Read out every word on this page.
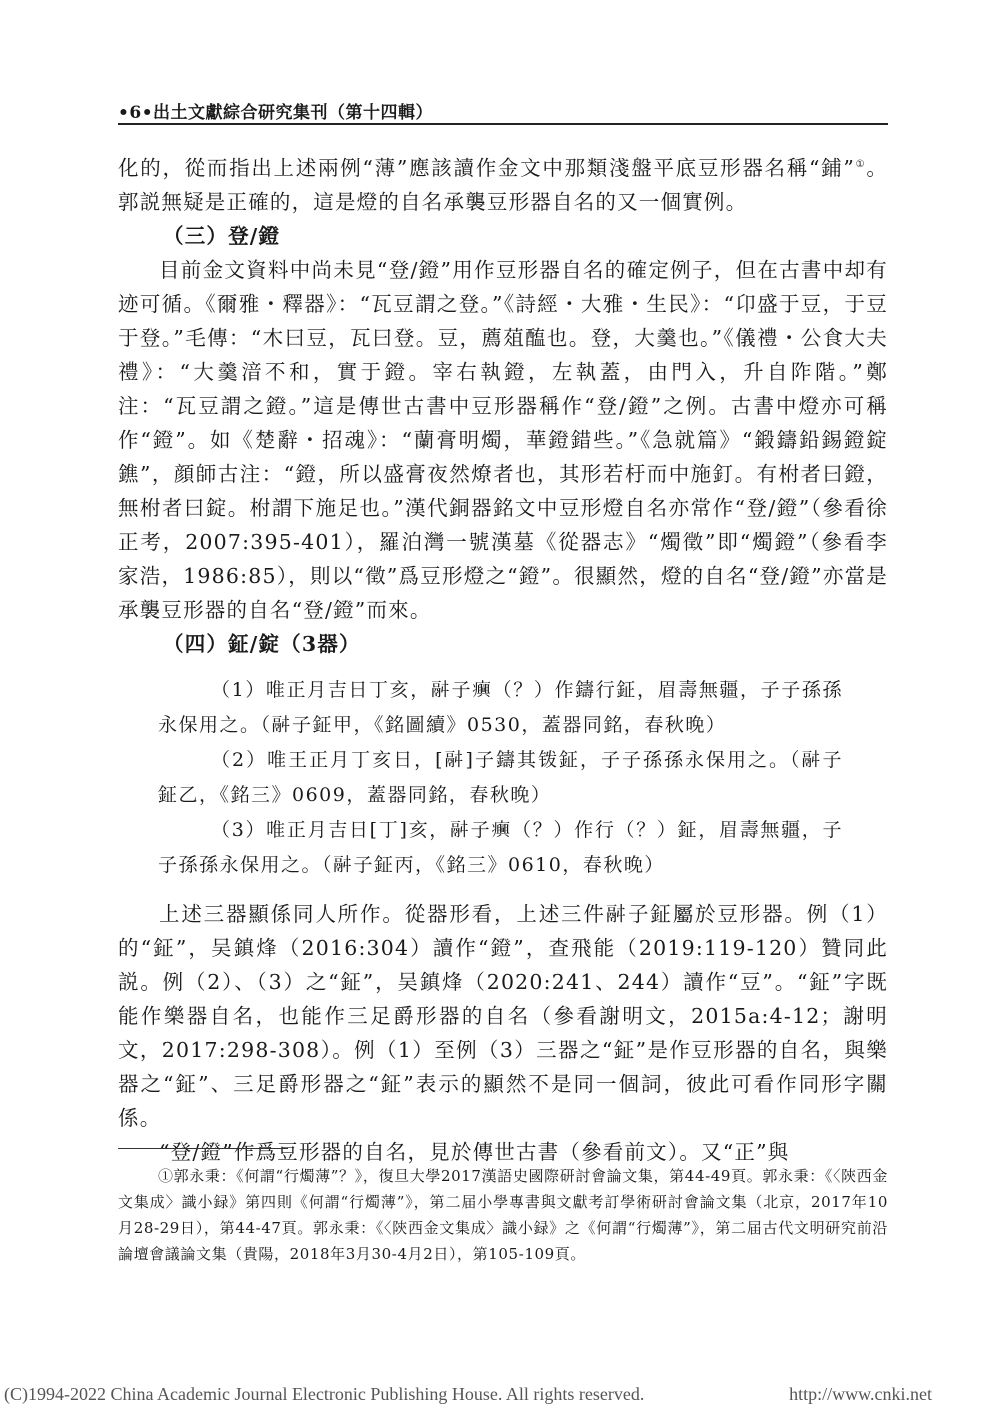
•6•出土文獻綜合研究集刊（第十四輯）

化的，從而指出上述兩例“薄”應該讀作金文中那類淺盤平底豆形器名稱“鋪”①。郭説無疑是正確的，這是燈的自名承襲豆形器自名的又一個實例。

（三）登/鐙

目前金文資料中尚未見“登/鐙”用作豆形器自名的確定例子，但在古書中却有迹可循。《爾雅・釋器》：“瓦豆謂之登。”《詩經・大雅・生民》：“卬盛于豆，于豆于登。”毛傳：“木曰豆，瓦曰登。豆，薦葅醢也。登，大羹也。”《儀禮・公食大夫禮》：“大羹湆不和，實于鐙。宰右執鐙，左執蓋，由門入，升自阼階。”鄭注：“瓦豆謂之鐙。”這是傳世古書中豆形器稱作“登/鐙”之例。古書中燈亦可稱作“鐙”。如《楚辭・招魂》：“蘭膏明燭，華鐙錯些。”《急就篇》“鍛鑄鉛錫鐙錠鐎”，顔師古注：“鐙，所以盛膏夜然燎者也，其形若杅而中施釘。有柎者曰鐙，無柎者曰錠。柎謂下施足也。”漢代銅器銘文中豆形燈自名亦常作“登/鐙”（參看徐正考，2007:395-401），羅泊灣一號漢墓《從器志》“燭徵”即“燭鐙”（參看李家浩，1986:85），則以“徵”爲豆形燈之“鐙”。很顯然，燈的自名“登/鐙”亦當是承襲豆形器的自名“登/鐙”而來。

（四）鉦/錠（3器）

（1）唯正月吉日丁亥，𩰫子𤼈（？）作鑄行鉦，眉壽無疆，子子孫孫永保用之。（𩰫子鉦甲，《銘圖續》0530，蓋器同銘，春秋晚）

（2）唯王正月丁亥日，[𩰫]子鑄其䥽鉦，子子孫孫永保用之。（𩰫子鉦乙，《銘三》0609，蓋器同銘，春秋晚）

（3）唯正月吉日[丁]亥，𩰫子𤼈（？）作行（？）鉦，眉壽無疆，子子孫孫永保用之。（𩰫子鉦丙，《銘三》0610，春秋晚）

上述三器顯係同人所作。從器形看，上述三件𩰫子鉦屬於豆形器。例（1）的“鉦”，吴鎮烽（2016:304）讀作“鐙”，查飛能（2019:119-120）贊同此説。例（2）、（3）之“鉦”，吴鎮烽（2020:241、244）讀作“豆”。“鉦”字既能作樂器自名，也能作三足爵形器的自名（參看謝明文，2015a:4-12；謝明文，2017:298-308）。例（1）至例（3）三器之“鉦”是作豆形器的自名，與樂器之“鉦”、三足爵形器之“鉦”表示的顯然不是同一個詞，彼此可看作同形字關係。

“登/鐙”作爲豆形器的自名，見於傳世古書（參看前文）。又“正”與

①郭永秉：《何謂“行燭薄”？》，復旦大學2017漢語史國際研討會論文集，第44-49頁。郭永秉：《〈陝西金文集成〉識小録》第四則《何謂“行燭薄”》，第二届小學專書與文獻考訂學術研討會論文集（北京，2017年10月28-29日），第44-47頁。郭永秉：《〈陝西金文集成〉識小録》之《何謂“行燭薄”》，第二届古代文明研究前沿論壇會議論文集（貴陽，2018年3月30-4月2日），第105-109頁。
(C)1994-2022 China Academic Journal Electronic Publishing House. All rights reserved.	http://www.cnki.net
